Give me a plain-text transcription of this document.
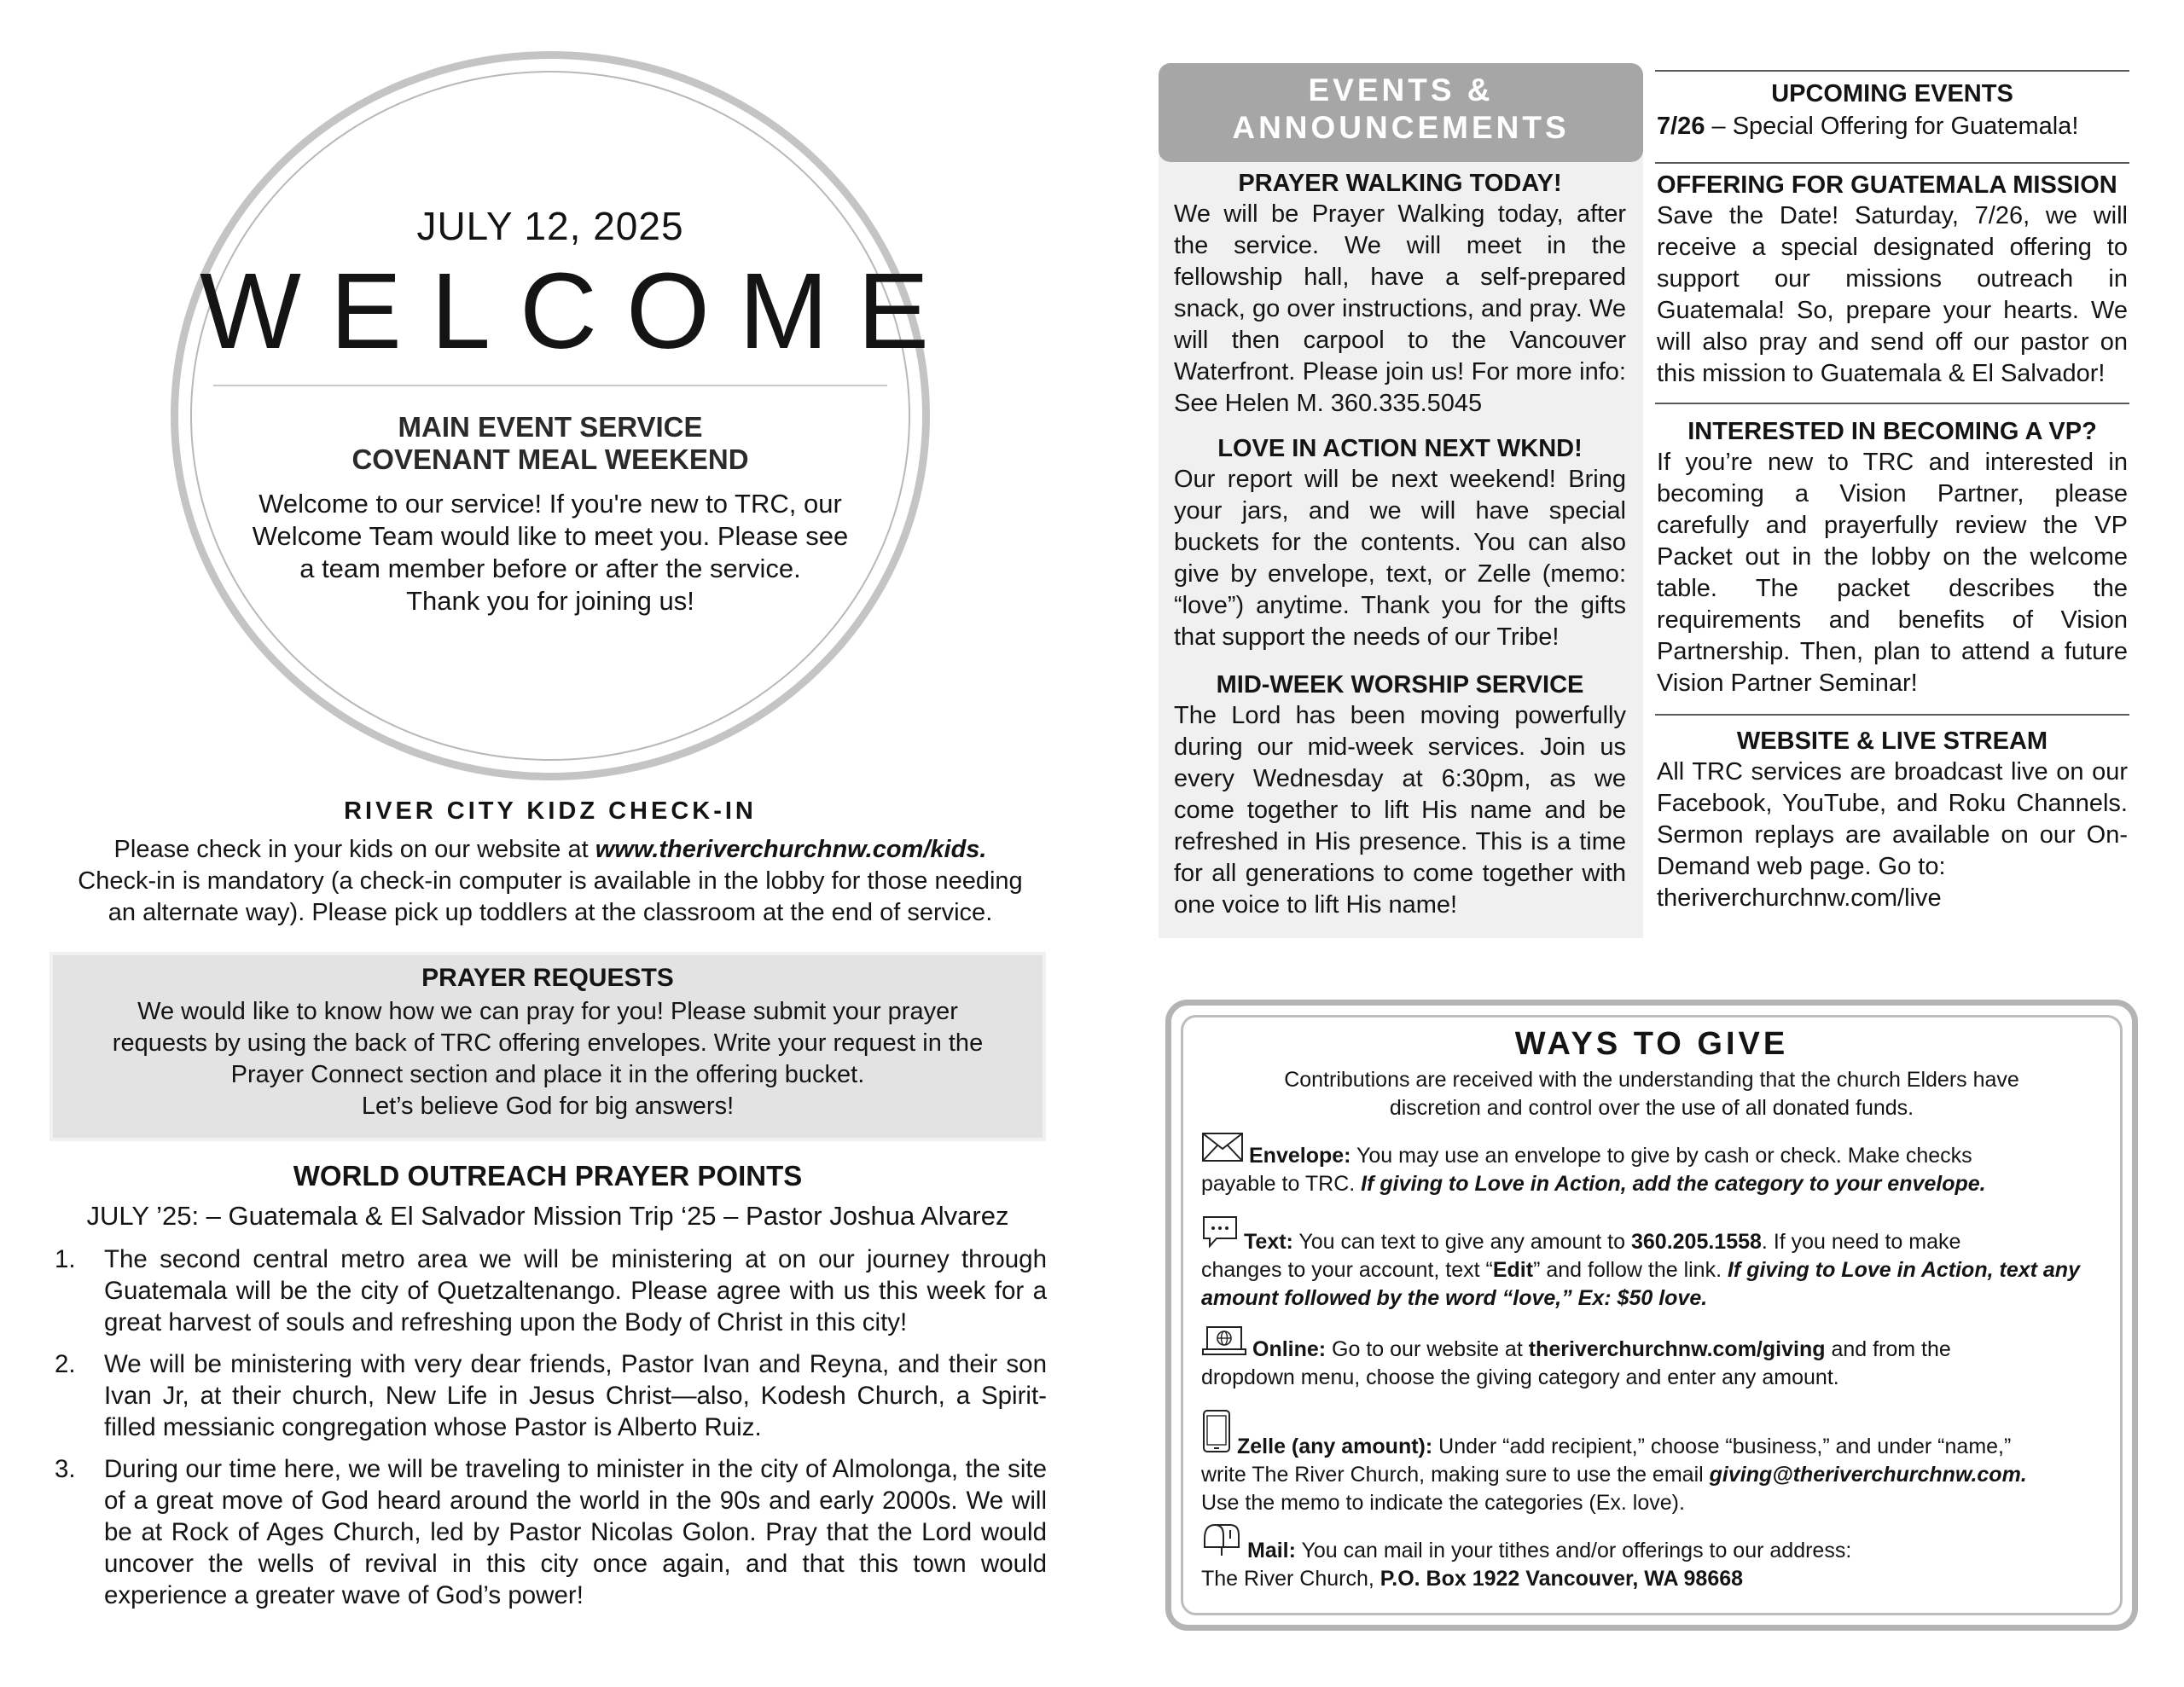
JULY 12, 2025
WELCOME
MAIN EVENT SERVICE
COVENANT MEAL WEEKEND
Welcome to our service! If you're new to TRC, our
Welcome Team would like to meet you. Please see
a team member before or after the service.
Thank you for joining us!
RIVER CITY KIDZ CHECK-IN
Please check in your kids on our website at www.theriverchurchnw.com/kids.
Check-in is mandatory (a check-in computer is available in the lobby for those needing
an alternate way). Please pick up toddlers at the classroom at the end of service.
PRAYER REQUESTS
We would like to know how we can pray for you! Please submit your prayer
requests by using the back of TRC offering envelopes. Write your request in the
Prayer Connect section and place it in the offering bucket.
Let’s believe God for big answers!
WORLD OUTREACH PRAYER POINTS
JULY ’25: – Guatemala & El Salvador Mission Trip ‘25 – Pastor Joshua Alvarez
1. The second central metro area we will be ministering at on our journey through Guatemala will be the city of Quetzaltenango. Please agree with us this week for a great harvest of souls and refreshing upon the Body of Christ in this city!
2. We will be ministering with very dear friends, Pastor Ivan and Reyna, and their son Ivan Jr, at their church, New Life in Jesus Christ—also, Kodesh Church, a Spirit-filled messianic congregation whose Pastor is Alberto Ruiz.
3. During our time here, we will be traveling to minister in the city of Almolonga, the site of a great move of God heard around the world in the 90s and early 2000s. We will be at Rock of Ages Church, led by Pastor Nicolas Golon. Pray that the Lord would uncover the wells of revival in this city once again, and that this town would experience a greater wave of God’s power!
EVENTS &
ANNOUNCEMENTS
PRAYER WALKING TODAY!
We will be Prayer Walking today, after the service. We will meet in the fellowship hall, have a self-prepared snack, go over instructions, and pray. We will then carpool to the Vancouver Waterfront. Please join us! For more info: See Helen M. 360.335.5045
LOVE IN ACTION NEXT WKND!
Our report will be next weekend! Bring your jars, and we will have special buckets for the contents. You can also give by envelope, text, or Zelle (memo: “love”) anytime. Thank you for the gifts that support the needs of our Tribe!
MID-WEEK WORSHIP SERVICE
The Lord has been moving powerfully during our mid-week services. Join us every Wednesday at 6:30pm, as we come together to lift His name and be refreshed in His presence. This is a time for all generations to come together with one voice to lift His name!
UPCOMING EVENTS
7/26 – Special Offering for Guatemala!
OFFERING FOR GUATEMALA MISSION
Save the Date! Saturday, 7/26, we will receive a special designated offering to support our missions outreach in Guatemala! So, prepare your hearts. We will also pray and send off our pastor on this mission to Guatemala & El Salvador!
INTERESTED IN BECOMING A VP?
If you’re new to TRC and interested in becoming a Vision Partner, please carefully and prayerfully review the VP Packet out in the lobby on the welcome table. The packet describes the requirements and benefits of Vision Partnership. Then, plan to attend a future Vision Partner Seminar!
WEBSITE & LIVE STREAM
All TRC services are broadcast live on our Facebook, YouTube, and Roku Channels. Sermon replays are available on our On-Demand web page. Go to:
theriverchurchnw.com/live
WAYS TO GIVE
Contributions are received with the understanding that the church Elders have
discretion and control over the use of all donated funds.
Envelope: You may use an envelope to give by cash or check. Make checks
payable to TRC. If giving to Love in Action, add the category to your envelope.
Text: You can text to give any amount to 360.205.1558. If you need to make
changes to your account, text “Edit” and follow the link. If giving to Love in Action, text any amount followed by the word “love,” Ex: $50 love.
Online: Go to our website at theriverchurchnw.com/giving and from the
dropdown menu, choose the giving category and enter any amount.
Zelle (any amount): Under “add recipient,” choose “business,” and under “name,”
write The River Church, making sure to use the email giving@theriverchurchnw.com.
Use the memo to indicate the categories (Ex. love).
Mail: You can mail in your tithes and/or offerings to our address:
The River Church, P.O. Box 1922 Vancouver, WA 98668
